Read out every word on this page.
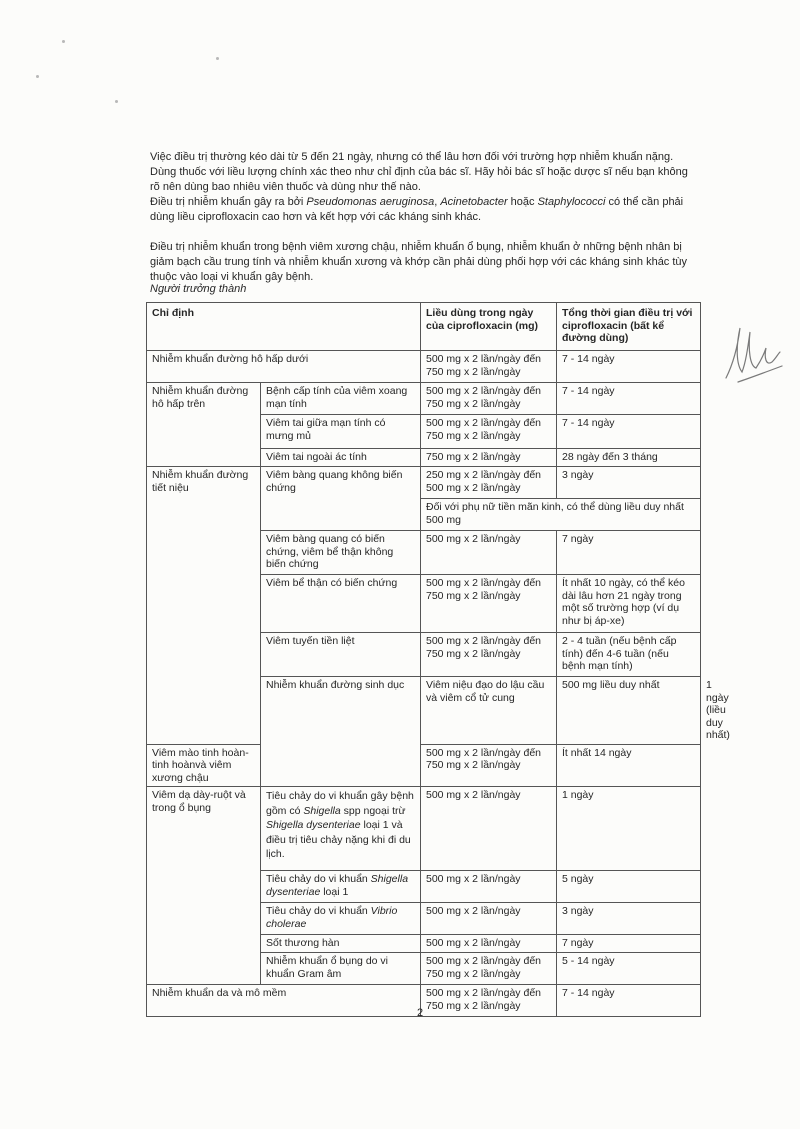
Việc điều trị thường kéo dài từ 5 đến 21 ngày, nhưng có thể lâu hơn đối với trường hợp nhiễm khuẩn nặng. Dùng thuốc với liều lượng chính xác theo như chỉ định của bác sĩ. Hãy hỏi bác sĩ hoặc dược sĩ nếu bạn không rõ nên dùng bao nhiêu viên thuốc và dùng như thế nào.
Điều trị nhiễm khuẩn gây ra bởi Pseudomonas aeruginosa, Acinetobacter hoặc Staphylococci có thể cần phải dùng liều ciprofloxacin cao hơn và kết hợp với các kháng sinh khác.

Điều trị nhiễm khuẩn trong bệnh viêm xương chậu, nhiễm khuẩn ổ bụng, nhiễm khuẩn ở những bệnh nhân bị giảm bạch cầu trung tính và nhiễm khuẩn xương và khớp cần phải dùng phối hợp với các kháng sinh khác tùy thuộc vào loại vi khuẩn gây bệnh.

Người trưởng thành
Chỉ định		Liều dùng trong ngày của ciprofloxacin (mg)	Tổng thời gian điều trị với ciprofloxacin (bất kể đường dùng)	
Nhiễm khuẩn đường hô hấp dưới		500 mg x 2 lần/ngày đến 750 mg x 2 lần/ngày	7 - 14 ngày	
Nhiễm khuẩn đường hô hấp trên	Bệnh cấp tính của viêm xoang mạn tính	500 mg x 2 lần/ngày đến 750 mg x 2 lần/ngày	7 - 14 ngày	
	Viêm tai giữa mạn tính có mưng mủ	500 mg x 2 lần/ngày đến 750 mg x 2 lần/ngày	7 - 14 ngày	
	Viêm tai ngoài ác tính	750 mg x 2 lần/ngày	28 ngày đến 3 tháng	
Nhiễm khuẩn đường tiết niệu	Viêm bàng quang không biến chứng	250 mg x 2 lần/ngày đến 500 mg x 2 lần/ngày	3 ngày	
		Đối với phụ nữ tiền mãn kinh, có thể dùng liều duy nhất 500 mg		
	Viêm bàng quang có biến chứng, viêm bể thận không biến chứng	500 mg x 2 lần/ngày	7 ngày	
	Viêm bể thận có biến chứng	500 mg x 2 lần/ngày đến 750 mg x 2 lần/ngày	Ít nhất 10 ngày, có thể kéo dài lâu hơn 21 ngày trong một số trường hợp (ví dụ như bị áp-xe)	
	Viêm tuyến tiền liệt	500 mg x 2 lần/ngày đến 750 mg x 2 lần/ngày	2 - 4 tuần (nếu bệnh cấp tính) đến 4-6 tuần (nếu bệnh mạn tính)	
	Nhiễm khuẩn đường sinh dục	Viêm niệu đạo do lậu cầu và viêm cổ tử cung	500 mg liều duy nhất	1 ngày (liều duy nhất)
Viêm mào tinh hoàn-tinh hoànvà viêm xương chậu		500 mg x 2 lần/ngày đến 750 mg x 2 lần/ngày	Ít nhất 14 ngày	
Viêm dạ dày-ruột và trong ổ bụng	Tiêu chảy do vi khuẩn gây bệnh gồm có Shigella spp ngoại trừ Shigella dysenteriae loại 1 và điều trị tiêu chảy nặng khi đi du lịch.	500 mg x 2 lần/ngày	1 ngày	
	Tiêu chảy do vi khuẩn Shigella dysenteriae loại 1	500 mg x 2 lần/ngày	5 ngày	
	Tiêu chảy do vi khuẩn Vibrio cholerae	500 mg x 2 lần/ngày	3 ngày	
	Sốt thương hàn	500 mg x 2 lần/ngày	7 ngày	
	Nhiễm khuẩn ổ bụng do vi khuẩn Gram âm	500 mg x 2 lần/ngày đến 750 mg x 2 lần/ngày	5 - 14 ngày	
Nhiễm khuẩn da và mô mềm		500 mg x 2 lần/ngày đến 750 mg x 2 lần/ngày	7 - 14 ngày	
2
